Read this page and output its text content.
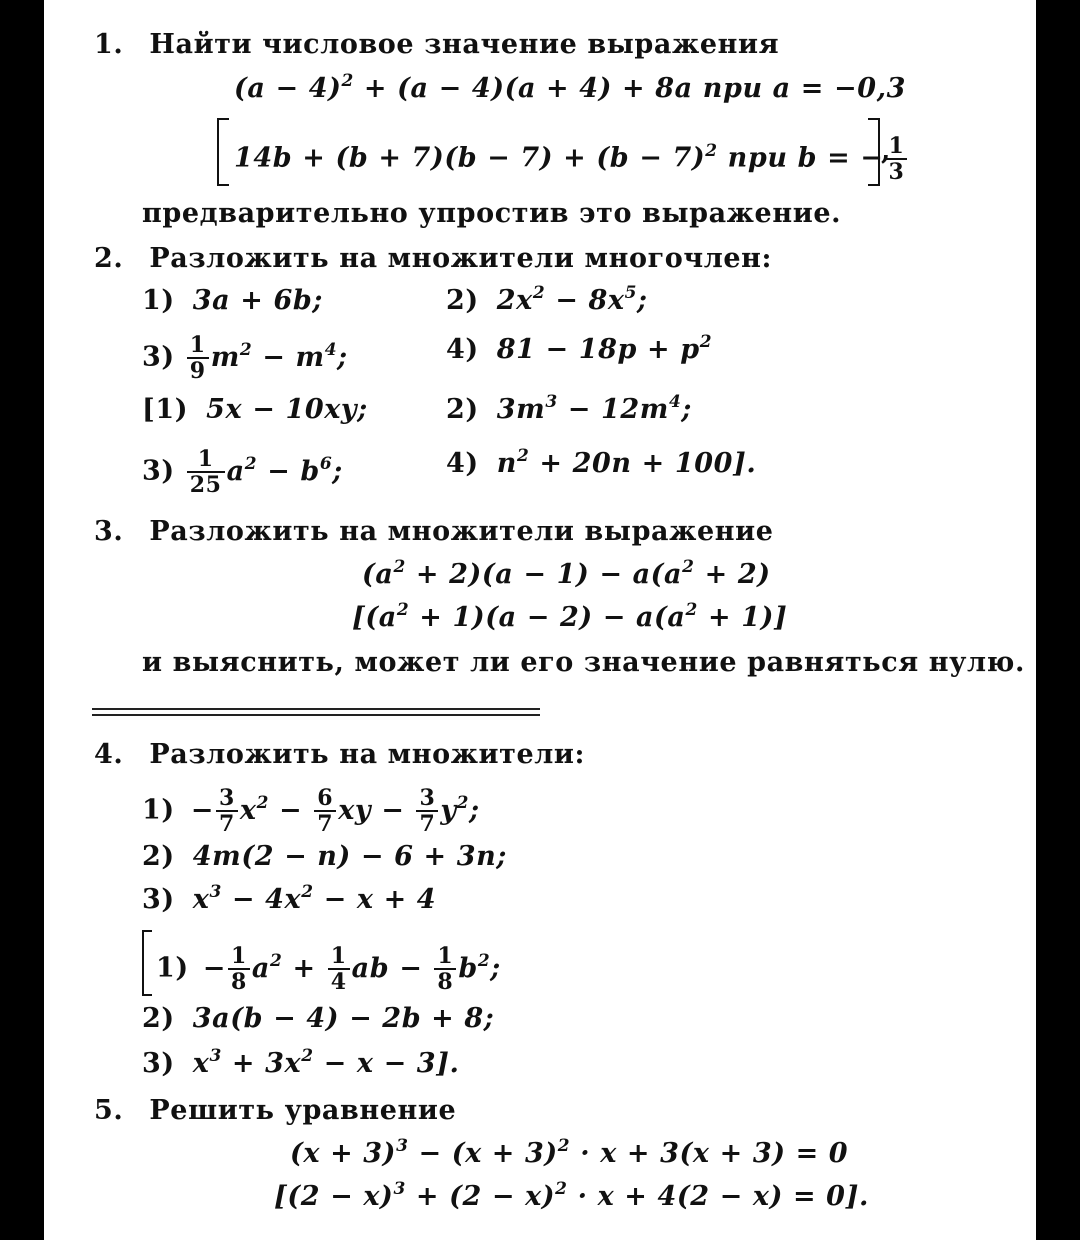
1. Найти числовое значение выражения
$(a - 4)^2 + (a - 4)(a + 4) + 8a$ при a = −0,3
$14b + (b + 7)(b - 7) + (b - 7)^2$ при b = − $\frac{1}{3}$
,
предварительно упростив это выражение.
2. Разложить на множители многочлен:
1) 3a + 6b;	2) $2x^2 - 8x^5$;
$3) \frac{1}{9} m^2 - m^4$;	4) $81 - 18p + p^2$
[1) 5x − 10xy;	2) $3m^3 - 12m^4$;
$3) \frac{1}{25} a^2 - b^6$;	4) $n^2 + 20n + 100$].
3. Разложить на множители выражение
$(a^2 + 2)(a - 1) - a(a^2 + 2)$
$[(a^2 + 1)(a - 2) - a(a^2 + 1)]$
и выяснить, может ли его значение равняться нулю.
4. Разложить на множители:
$1) - \frac{3}{7} x^2 - \frac{6}{7}$ xy − $\frac{3}{7} y^2$;
2) 4m(2 − n) − 6 + 3n;
3) $x^3 - 4x^2 - x + 4$
$1) - \frac{1}{8} a^2 + \frac{1}{4}$ ab − $\frac{1}{8} b^2$;
2) 3a(b − 4) − 2b + 8;
3) $x^3 + 3x^2 - x - 3$].
5. Решить уравнение
$(x + 3)^3 - (x + 3)^2 \cdot x + 3(x + 3) = 0$
$[(2 - x)^3 + (2 - x)^2 \cdot x + 4(2 - x) = 0]$.
